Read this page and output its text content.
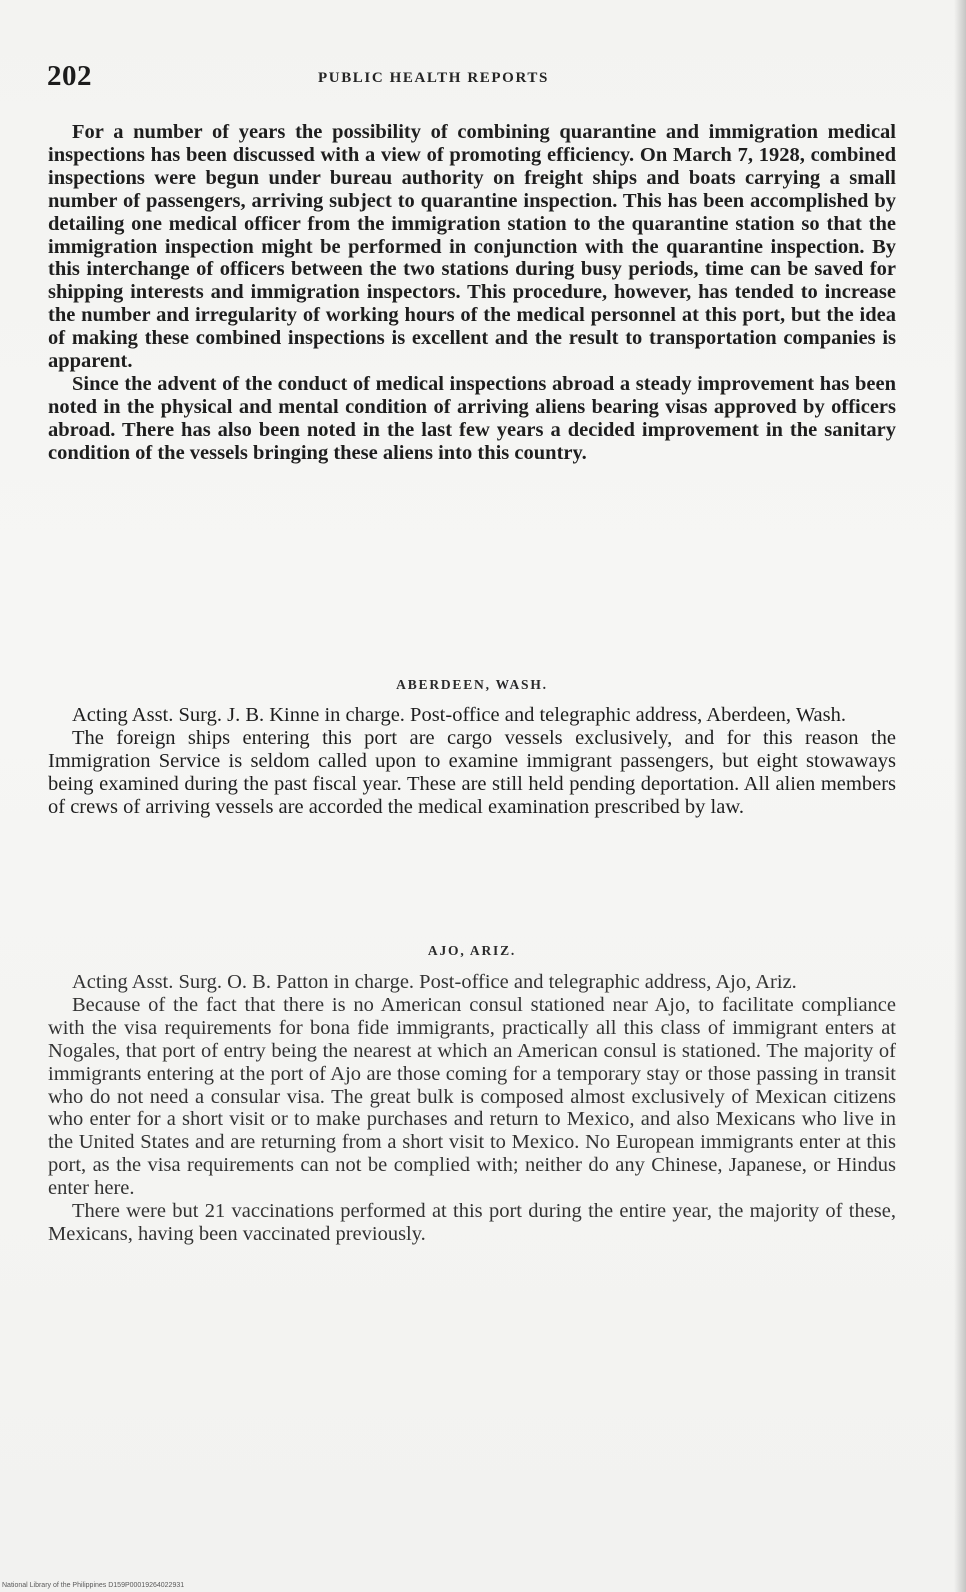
202	PUBLIC HEALTH REPORTS

For a number of years the possibility of combining quarantine and immigration medical inspections has been discussed with a view of promoting efficiency. On March 7, 1928, combined inspections were begun under bureau authority on freight ships and boats carrying a small number of passengers, arriving subject to quarantine inspection. This has been accomplished by detailing one medical officer from the immigration station to the quarantine station so that the immigration inspection might be performed in conjunction with the quarantine inspection. By this interchange of officers between the two stations during busy periods, time can be saved for shipping interests and immigration inspectors. This procedure, however, has tended to increase the number and irregularity of working hours of the medical personnel at this port, but the idea of making these combined inspections is excellent and the result to transportation companies is apparent.

Since the advent of the conduct of medical inspections abroad a steady improvement has been noted in the physical and mental condition of arriving aliens bearing visas approved by officers abroad. There has also been noted in the last few years a decided improvement in the sanitary condition of the vessels bringing these aliens into this country.

ABERDEEN, WASH.

Acting Asst. Surg. J. B. Kinne in charge. Post-office and telegraphic address, Aberdeen, Wash.

The foreign ships entering this port are cargo vessels exclusively, and for this reason the Immigration Service is seldom called upon to examine immigrant passengers, but eight stowaways being examined during the past fiscal year. These are still held pending deportation. All alien members of crews of arriving vessels are accorded the medical examination prescribed by law.

AJO, ARIZ.

Acting Asst. Surg. O. B. Patton in charge. Post-office and telegraphic address, Ajo, Ariz.

Because of the fact that there is no American consul stationed near Ajo, to facilitate compliance with the visa requirements for bona fide immigrants, practically all this class of immigrant enters at Nogales, that port of entry being the nearest at which an American consul is stationed. The majority of immigrants entering at the port of Ajo are those coming for a temporary stay or those passing in transit who do not need a consular visa. The great bulk is composed almost exclusively of Mexican citizens who enter for a short visit or to make purchases and return to Mexico, and also Mexicans who live in the United States and are returning from a short visit to Mexico. No European immigrants enter at this port, as the visa requirements can not be complied with; neither do any Chinese, Japanese, or Hindus enter here.

There were but 21 vaccinations performed at this port during the entire year, the majority of these, Mexicans, having been vaccinated previously.

National Library of the Philippines D159P00019264022931
